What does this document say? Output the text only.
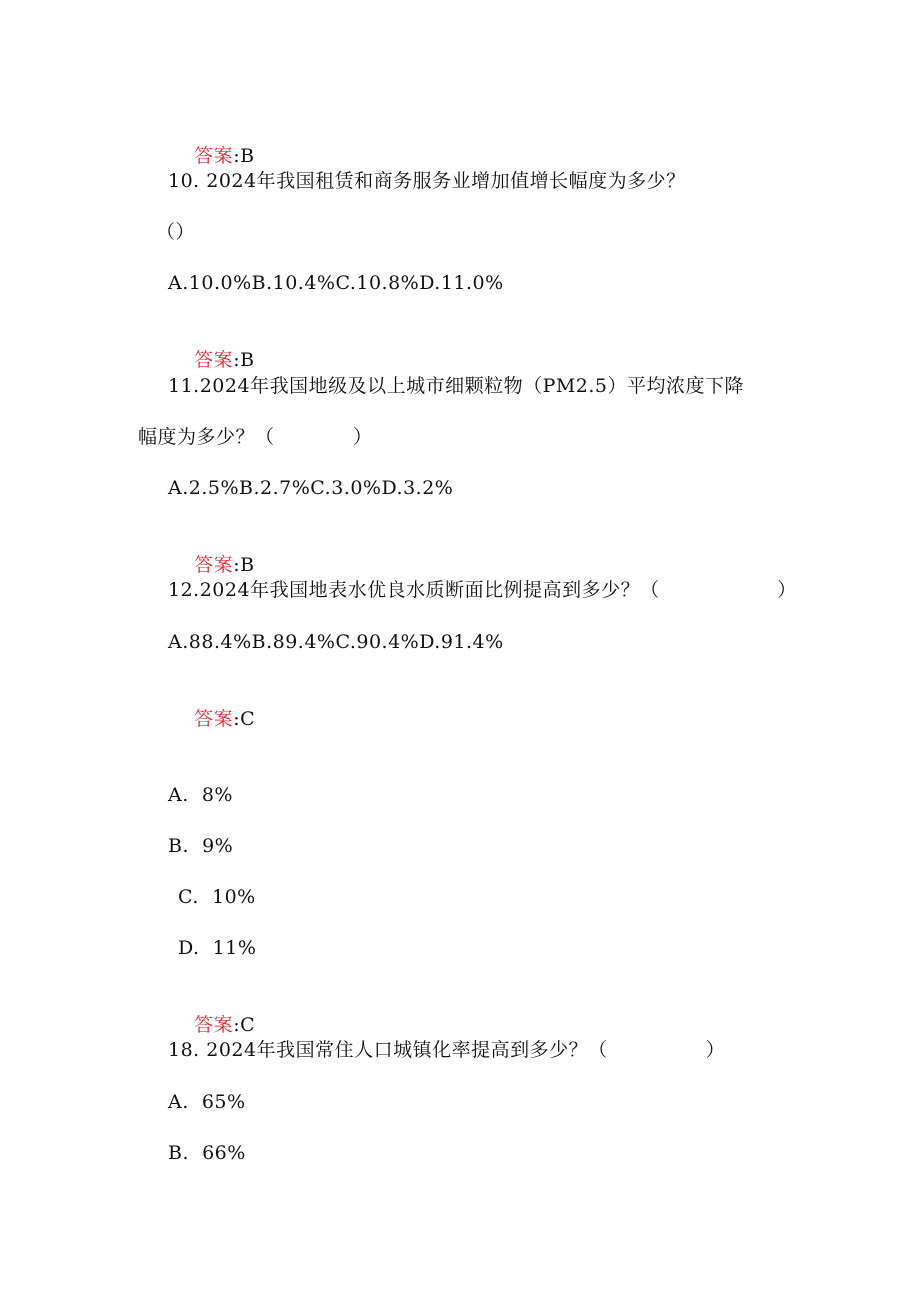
答案:B

10. 2024年我国租赁和商务服务业增加值增长幅度为多少？
（）
A.10.0%B.10.4%C.10.8%D.11.0%

答案:B

11.2024年我国地级及以上城市细颗粒物（PM2.5）平均浓度下降
幅度为多少？（            ）
A.2.5%B.2.7%C.3.0%D.3.2%

答案:B

12.2024年我国地表水优良水质断面比例提高到多少？（                  ）
A.88.4%B.89.4%C.90.4%D.91.4%

答案:C

A.  8%
B.  9%
C.  10%
D.  11%

答案:C

18. 2024年我国常住人口城镇化率提高到多少？（               ）
A.  65%
B.  66%
